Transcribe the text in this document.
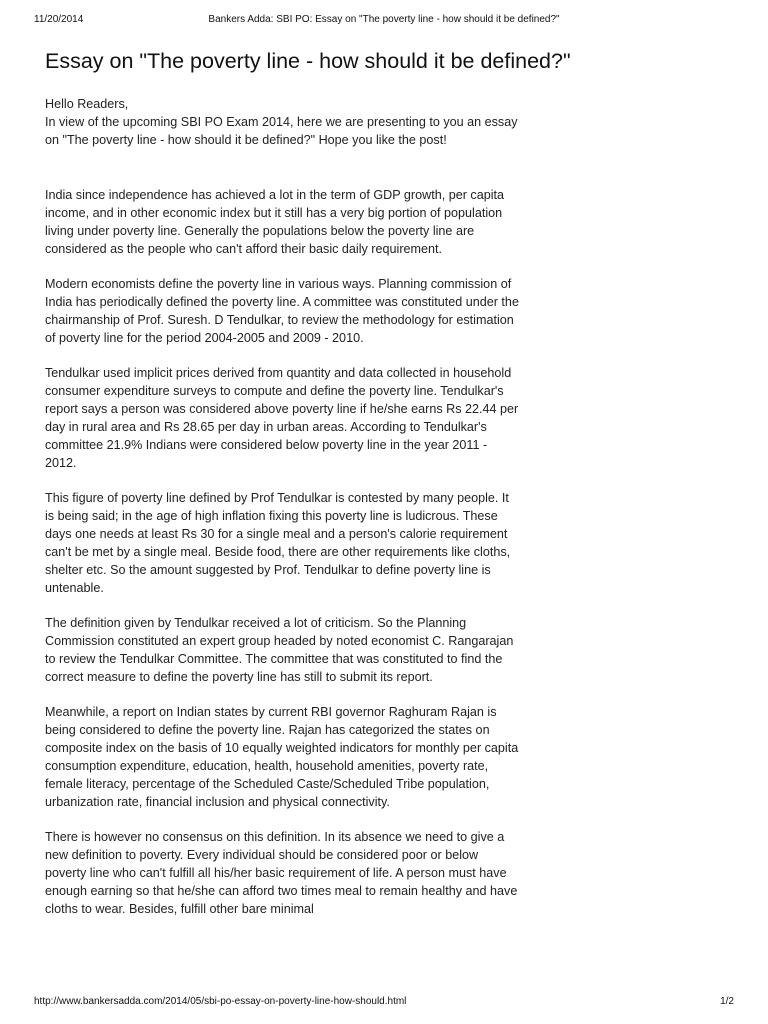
11/20/2014	Bankers Adda: SBI PO: Essay on "The poverty line - how should it be defined?"
Essay on "The poverty line - how should it be defined?"

Hello Readers,

In view of the upcoming SBI PO Exam 2014, here we are presenting to you an essay on "The poverty line - how should it be defined?" Hope you like the post!

India since independence has achieved a lot in the term of GDP growth, per capita income, and in other economic index but it still has a very big portion of population living under poverty line. Generally the populations below the poverty line are considered as the people who can't afford their basic daily requirement.

Modern economists define the poverty line in various ways. Planning commission of India has periodically defined the poverty line. A committee was constituted under the chairmanship of Prof. Suresh. D Tendulkar, to review the methodology for estimation of poverty line for the period 2004-2005 and 2009 - 2010.

Tendulkar used implicit prices derived from quantity and data collected in household consumer expenditure surveys to compute and define the poverty line. Tendulkar's report says a person was considered above poverty line if he/she earns Rs 22.44 per day in rural area and Rs 28.65 per day in urban areas. According to Tendulkar's committee 21.9% Indians were considered below poverty line in the year 2011 - 2012.

This figure of poverty line defined by Prof Tendulkar is contested by many people. It is being said; in the age of high inflation fixing this poverty line is ludicrous. These days one needs at least Rs 30 for a single meal and a person's calorie requirement can't be met by a single meal. Beside food, there are other requirements like cloths, shelter etc. So the amount suggested by Prof. Tendulkar to define poverty line is untenable.

The definition given by Tendulkar received a lot of criticism. So the Planning Commission constituted an expert group headed by noted economist C. Rangarajan to review the Tendulkar Committee. The committee that was constituted to find the correct measure to define the poverty line has still to submit its report.

Meanwhile, a report on Indian states by current RBI governor Raghuram Rajan is being considered to define the poverty line. Rajan has categorized the states on composite index on the basis of 10 equally weighted indicators for monthly per capita consumption expenditure, education, health, household amenities, poverty rate, female literacy, percentage of the Scheduled Caste/Scheduled Tribe population, urbanization rate, financial inclusion and physical connectivity.

There is however no consensus on this definition. In its absence we need to give a new definition to poverty. Every individual should be considered poor or below poverty line who can't fulfill all his/her basic requirement of life. A person must have enough earning so that he/she can afford two times meal to remain healthy and have cloths to wear. Besides, fulfill other bare minimal

http://www.bankersadda.com/2014/05/sbi-po-essay-on-poverty-line-how-should.html	1/2
